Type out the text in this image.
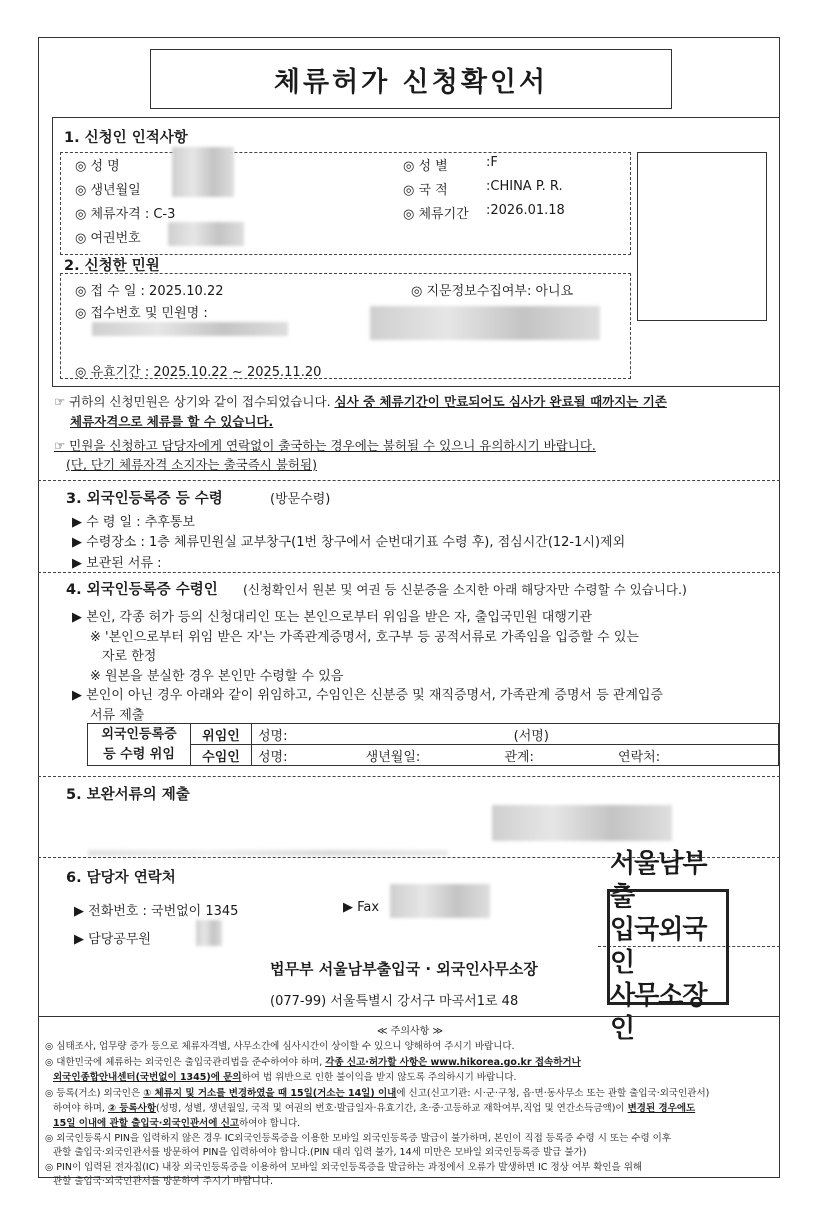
체류허가 신청확인서
1. 신청인 인적사항
◎ 성 명
◎ 생년월일
◎ 체류자격 : C-3
◎ 여권번호
◎ 성 별	:F
◎ 국 적	:CHINA P. R.
◎ 체류기간 :2026.01.18
2. 신청한 민원
◎ 접 수 일 : 2025.10.22	◎ 지문정보수집여부: 아니요
◎ 접수번호 및 민원명 :
◎ 유효기간 : 2025.10.22 ~ 2025.11.20
☞ 귀하의 신청민원은 상기와 같이 접수되었습니다. 심사 중 체류기간이 만료되어도 심사가 완료될 때까지는 기존
체류자격으로 체류를 할 수 있습니다.
☞ 민원을 신청하고 담당자에게 연락없이 출국하는 경우에는 불허될 수 있으니 유의하시기 바랍니다.
(단, 단기 체류자격 소지자는 출국즉시 불허됨)
3. 외국인등록증 등 수령	(방문수령)
▶ 수 령 일 : 추후통보
▶ 수령장소 : 1층 체류민원실 교부창구(1번 창구에서 순번대기표 수령 후), 점심시간(12-1시)제외
▶ 보관된 서류 :
4. 외국인등록증 수령인 (신청확인서 원본 및 여권 등 신분증을 소지한 아래 해당자만 수령할 수 있습니다.)
▶ 본인, 각종 허가 등의 신청대리인 또는 본인으로부터 위임을 받은 자, 출입국민원 대행기관
※ '본인으로부터 위임 받은 자'는 가족관계증명서, 호구부 등 공적서류로 가족임을 입증할 수 있는
자로 한정
※ 원본을 분실한 경우 본인만 수령할 수 있음
▶ 본인이 아닌 경우 아래와 같이 위임하고, 수임인은 신분증 및 재직증명서, 가족관계 증명서 등 관계입증
서류 제출
외국인등록증
등 수령 위임	위임인	성명: (서명)
	수임인	성명: 생년월일: 관계: 연락처:
5. 보완서류의 제출
6. 담당자 연락처
▶ 전화번호 : 국번없이 1345	▶ Fax
▶ 담당공무원
법무부 서울남부출입국 · 외국인사무소장
(077-99) 서울특별시 강서구 마곡서1로 48
서울남부출
입국외국인
사무소장인
≪ 주의사항 ≫
◎ 심태조사, 업무량 증가 등으로 체류자격별, 사무소간에 심사시간이 상이할 수 있으니 양해하여 주시기 바랍니다.
◎ 대한민국에 체류하는 외국인은 출입국관리법을 준수하여야 하며, 각종 신고·허가할 사항은 www.hikorea.go.kr 접속하거나
외국인종합안내센터(국번없이 1345)에 문의하여 법 위반으로 인한 불이익을 받지 않도록 주의하시기 바랍니다.
◎ 등록(거소) 외국인은 ① 체류지 및 거소를 변경하였을 때 15일(거소는 14일) 이내에 신고(신고기관: 시·군·구청, 읍·면·동사무소 또는 관할 출입국·외국인관서)
하여야 하며, ② 등록사항(성명, 성별, 생년월일, 국적 및 여권의 번호·발급일자·유효기간, 초·중·고등하교 재학여부,직업 및 연간소득금액)이 변경된 경우에도
15일 이내에 관할 출입국·외국인관서에 신고하여야 합니다.
◎ 외국인등록시 PIN을 입력하지 않은 경우 IC외국인등록증을 이용한 모바일 외국인등록증 발급이 불가하며, 본인이 직접 등록증 수령 시 또는 수령 이후
관할 출입국·외국인관서를 방문하여 PIN을 입력하여야 합니다.(PIN 대리 입력 불가, 14세 미만은 모바일 외국인등록증 발급 불가)
◎ PIN이 입력된 전자칩(IC) 내장 외국인등록증을 이용하여 모바일 외국인등록증을 발급하는 과정에서 오류가 발생하면 IC 정상 여부 확인을 위해
관할 출입국·외국인관서를 방문하여 주시기 바랍니다.
